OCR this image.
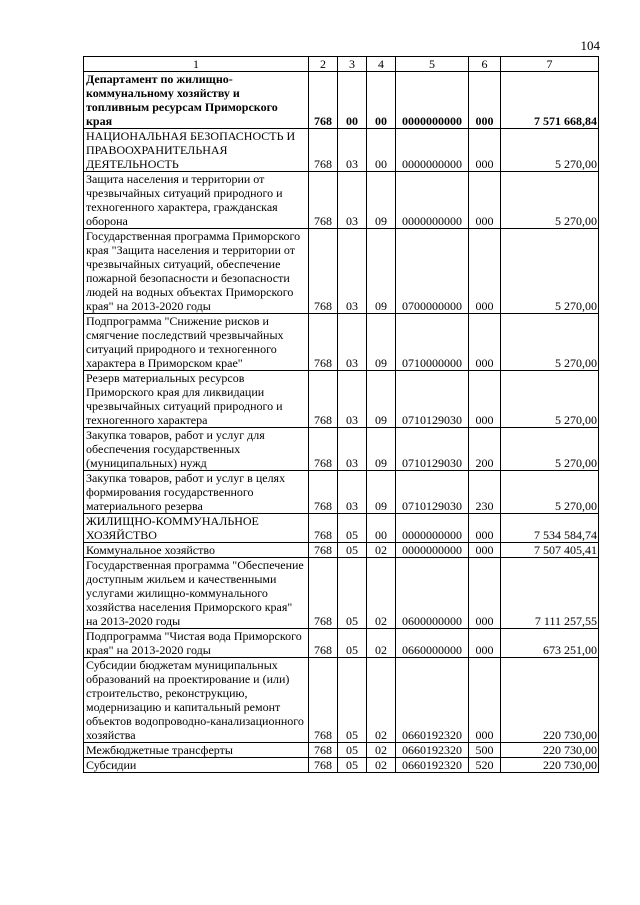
104
1	2	3	4	5	6	7
Департамент по жилищно-коммунальному хозяйству и топливным ресурсам Приморского края	768	00	00	0000000000	000	7 571 668,84
НАЦИОНАЛЬНАЯ БЕЗОПАСНОСТЬ И ПРАВООХРАНИТЕЛЬНАЯ ДЕЯТЕЛЬНОСТЬ	768	03	00	0000000000	000	5 270,00
Защита населения и территории от чрезвычайных ситуаций природного и техногенного характера, гражданская оборона	768	03	09	0000000000	000	5 270,00
Государственная программа Приморского края "Защита населения и территории от чрезвычайных ситуаций, обеспечение пожарной безопасности и безопасности людей на водных объектах Приморского края" на 2013-2020 годы	768	03	09	0700000000	000	5 270,00
Подпрограмма "Снижение рисков и смягчение последствий чрезвычайных ситуаций природного и техногенного характера в Приморском крае"	768	03	09	0710000000	000	5 270,00
Резерв материальных ресурсов Приморского края для ликвидации чрезвычайных ситуаций природного и техногенного характера	768	03	09	0710129030	000	5 270,00
Закупка товаров, работ и услуг для обеспечения государственных (муниципальных) нужд	768	03	09	0710129030	200	5 270,00
Закупка товаров, работ и услуг в целях формирования государственного материального резерва	768	03	09	0710129030	230	5 270,00
ЖИЛИЩНО-КОММУНАЛЬНОЕ ХОЗЯЙСТВО	768	05	00	0000000000	000	7 534 584,74
Коммунальное хозяйство	768	05	02	0000000000	000	7 507 405,41
Государственная программа "Обеспечение доступным жильем и качественными услугами жилищно-коммунального хозяйства населения Приморского края" на 2013-2020 годы	768	05	02	0600000000	000	7 111 257,55
Подпрограмма "Чистая вода Приморского края" на 2013-2020 годы	768	05	02	0660000000	000	673 251,00
Субсидии бюджетам муниципальных образований на проектирование и (или) строительство, реконструкцию, модернизацию и капитальный ремонт объектов водопроводно-канализационного хозяйства	768	05	02	0660192320	000	220 730,00
Межбюджетные трансферты	768	05	02	0660192320	500	220 730,00
Субсидии	768	05	02	0660192320	520	220 730,00
